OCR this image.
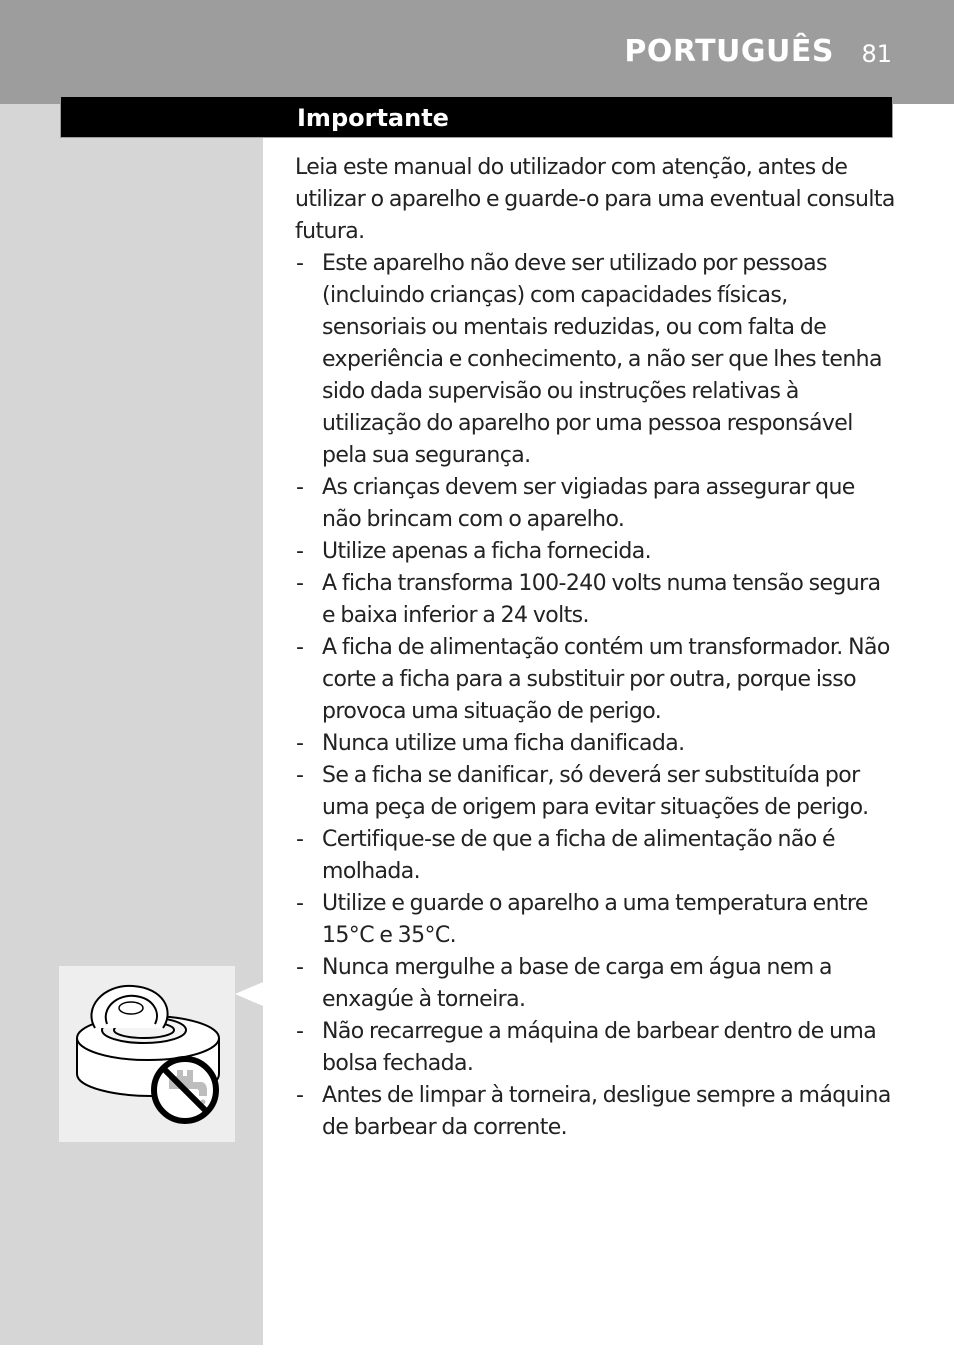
PORTUGUÊS 81
Importante

Leia este manual do utilizador com atenção, antes de utilizar o aparelho e guarde-o para uma eventual consulta futura.

- Este aparelho não deve ser utilizado por pessoas (incluindo crianças) com capacidades físicas, sensoriais ou mentais reduzidas, ou com falta de experiência e conhecimento, a não ser que lhes tenha sido dada supervisão ou instruções relativas à utilização do aparelho por uma pessoa responsável pela sua segurança.
- As crianças devem ser vigiadas para assegurar que não brincam com o aparelho.
- Utilize apenas a ficha fornecida.
- A ficha transforma 100-240 volts numa tensão segura e baixa inferior a 24 volts.
- A ficha de alimentação contém um transformador. Não corte a ficha para a substituir por outra, porque isso provoca uma situação de perigo.
- Nunca utilize uma ficha danificada.
- Se a ficha se danificar, só deverá ser substituída por uma peça de origem para evitar situações de perigo.
- Certifique-se de que a ficha de alimentação não é molhada.
- Utilize e guarde o aparelho a uma temperatura entre 15°C e 35°C.
- Nunca mergulhe a base de carga em água nem a enxagúe à torneira.
- Não recarregue a máquina de barbear dentro de uma bolsa fechada.
- Antes de limpar à torneira, desligue sempre a máquina de barbear da corrente.
